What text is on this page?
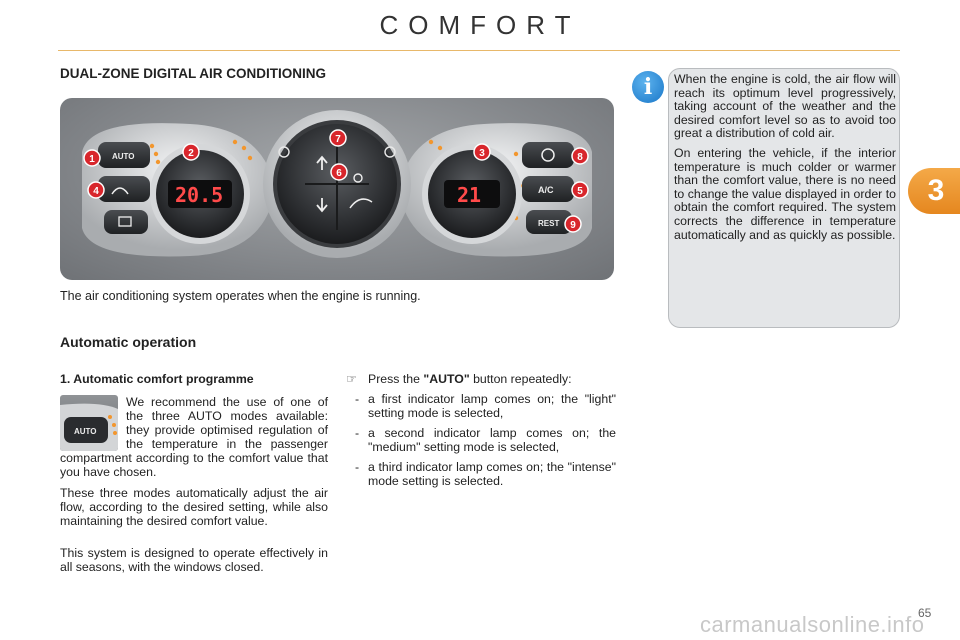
COMFORT
3
DUAL-ZONE DIGITAL AIR CONDITIONING
AUTO
20.5	21	A/C
REST
1
2	3
4	5
6
7
8
9
The air conditioning system operates when the engine is running.
Automatic operation
1. Automatic comfort programme
AUTO

We recommend the use of one of the three AUTO modes available: they provide optimised regulation of the temperature in the passenger compartment according to the comfort value that you have chosen.

These three modes automatically adjust the air flow, according to the desired setting, while also maintaining the desired comfort value.

This system is designed to operate effectively in all seasons, with the windows closed.

☞ Press the "AUTO" button repeatedly:
- a first indicator lamp comes on; the "light" setting mode is selected,
- a second indicator lamp comes on; the "medium" setting mode is selected,
- a third indicator lamp comes on; the "intense" mode setting is selected.
i	When the engine is cold, the air flow will reach its optimum level progressively, taking account of the weather and the desired comfort level so as to avoid too great a distribution of cold air.

On entering the vehicle, if the interior temperature is much colder or warmer than the comfort value, there is no need to change the value displayed in order to obtain the comfort required. The system corrects the difference in temperature automatically and as quickly as possible.

carmanualsonline.info
65
